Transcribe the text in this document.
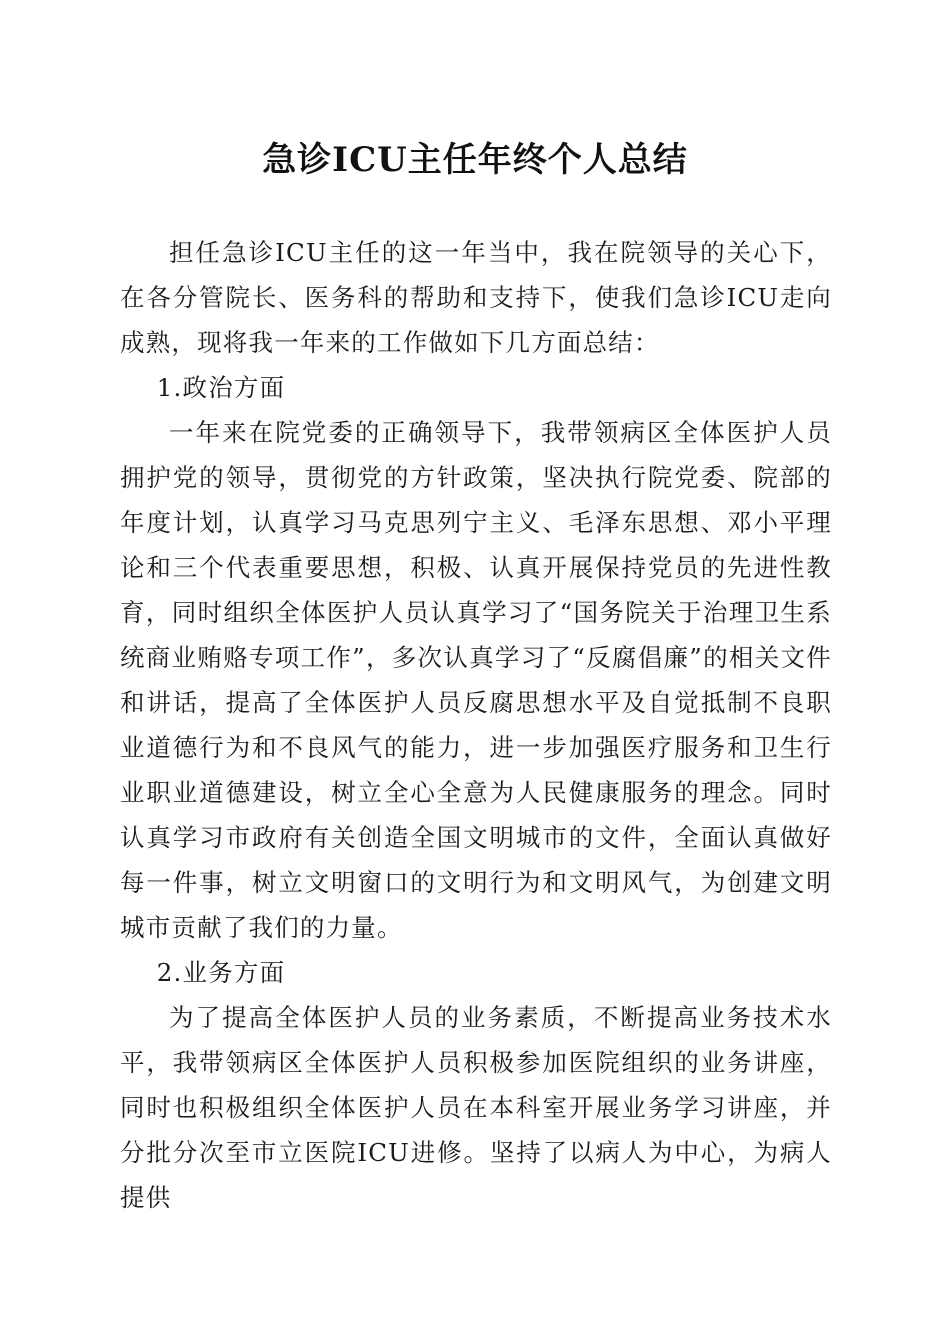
急诊ICU主任年终个人总结

担任急诊ICU主任的这一年当中，我在院领导的关心下，在各分管院长、医务科的帮助和支持下，使我们急诊ICU走向成熟，现将我一年来的工作做如下几方面总结：

1.政治方面

一年来在院党委的正确领导下，我带领病区全体医护人员拥护党的领导，贯彻党的方针政策，坚决执行院党委、院部的年度计划，认真学习马克思列宁主义、毛泽东思想、邓小平理论和三个代表重要思想，积极、认真开展保持党员的先进性教育，同时组织全体医护人员认真学习了“国务院关于治理卫生系统商业贿赂专项工作”，多次认真学习了“反腐倡廉”的相关文件和讲话，提高了全体医护人员反腐思想水平及自觉抵制不良职业道德行为和不良风气的能力，进一步加强医疗服务和卫生行业职业道德建设，树立全心全意为人民健康服务的理念。同时认真学习市政府有关创造全国文明城市的文件，全面认真做好每一件事，树立文明窗口的文明行为和文明风气，为创建文明城市贡献了我们的力量。

2.业务方面

为了提高全体医护人员的业务素质，不断提高业务技术水平，我带领病区全体医护人员积极参加医院组织的业务讲座，同时也积极组织全体医护人员在本科室开展业务学习讲座，并分批分次至市立医院ICU进修。坚持了以病人为中心，为病人提供
